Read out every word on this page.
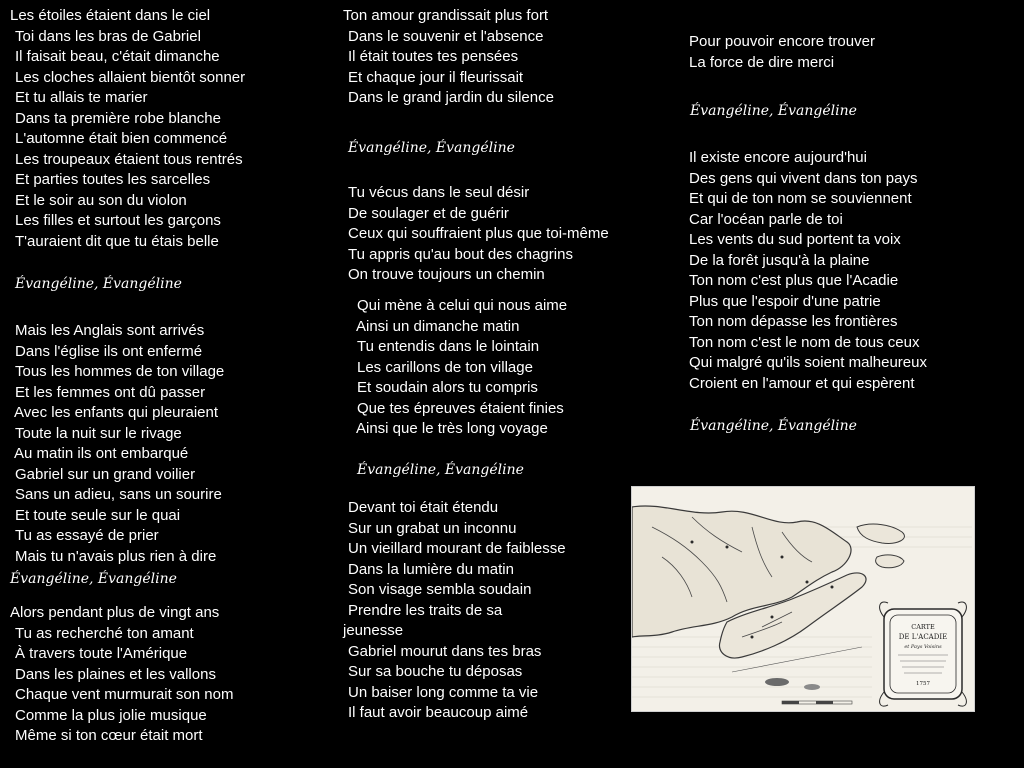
Les étoiles étaient dans le ciel
Toi dans les bras de Gabriel
Il faisait beau, c'était dimanche
Les cloches allaient bientôt sonner
Et tu allais te marier
Dans ta première robe blanche
L'automne était bien commencé
Les troupeaux étaient tous rentrés
Et parties toutes les sarcelles
Et le soir au son du violon
Les filles et surtout les garçons
T'auraient dit que tu étais belle
Évangéline, Évangéline
Mais les Anglais sont arrivés
Dans l'église ils ont enfermé
Tous les hommes de ton village
Et les femmes ont dû passer
Avec les enfants qui pleuraient
Toute la nuit sur le rivage
Au matin ils ont embarqué
Gabriel sur un grand voilier
Sans un adieu, sans un sourire
Et toute seule sur le quai
Tu as essayé de prier
Mais tu n'avais plus rien à dire
Évangéline, Évangéline
Alors pendant plus de vingt ans
Tu as recherché ton amant
À travers toute l'Amérique
Dans les plaines et les vallons
Chaque vent murmurait son nom
Comme la plus jolie musique
Même si ton cœur était mort
Ton amour grandissait plus fort
Dans le souvenir et l'absence
Il était toutes tes pensées
Et chaque jour il fleurissait
Dans le grand jardin du silence
Évangéline, Évangéline
Tu vécus dans le seul désir
De soulager et de guérir
Ceux qui souffraient plus que toi-même
Tu appris qu'au bout des chagrins
On trouve toujours un chemin
Qui mène à celui qui nous aime
Ainsi un dimanche matin
Tu entendis dans le lointain
Les carillons de ton village
Et soudain alors tu compris
Que tes épreuves étaient finies
Ainsi que le très long voyage
Évangéline, Évangéline
Devant toi était étendu
Sur un grabat un inconnu
Un vieillard mourant de faiblesse
Dans la lumière du matin
Son visage sembla soudain
Prendre les traits de sa
jeunesse
Gabriel mourut dans tes bras
Sur sa bouche tu déposas
Un baiser long comme ta vie
Il faut avoir beaucoup aimé
Pour pouvoir encore trouver
La force de dire merci
Évangéline, Évangéline
Il existe encore aujourd'hui
Des gens qui vivent dans ton pays
Et qui de ton nom se souviennent
Car l'océan parle de toi
Les vents du sud portent ta voix
De la forêt jusqu'à la plaine
Ton nom c'est plus que l'Acadie
Plus que l'espoir d'une patrie
Ton nom dépasse les frontières
Ton nom c'est le nom de tous ceux
Qui malgré qu'ils soient malheureux
Croient en l'amour et qui espèrent
Évangéline, Évangéline
CARTE
DE L'ACADIE
et Pays Voisins
1757
